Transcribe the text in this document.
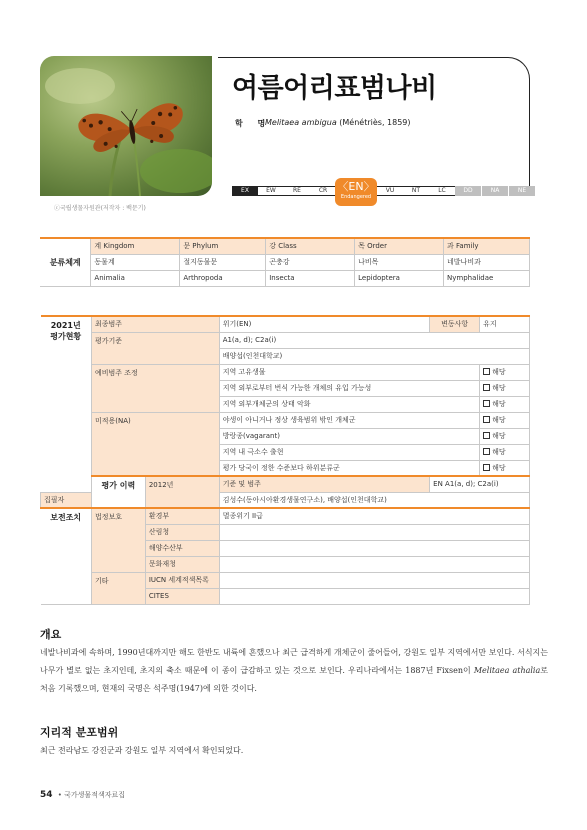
ⓒ국립생물자원관(저작자 : 백문기)
여름어리표범나비
학 명
Melitaea ambigua (Ménétriès, 1859)
EX	EW	RE	CR 〈EN〉
Endangered
VU	NT	LC	DD	NA	NE
분류체계	계 Kingdom	문 Phylum	강 Class	목 Order	과 Family
	동물계	절지동물문	곤충강	나비목	네발나비과
	Animalia	Arthropoda	Insecta	Lepidoptera	Nymphalidae
2021년
평가현황	최종범주		위기(EN)	변동사항	유지
	평가기준		A1(a, d); C2a(i)		
			배양섭(인천대학교)		
	예비범주 조정		지역 고유생물		해당
			지역 외부로부터 번식 가능한 개체의 유입 가능성		해당
			지역 외부개체군의 상태 악화		해당
	미적용(NA)		야생이 아니거나 정상 생육범위 밖인 개체군		해당
			방랑종(vagarant)		해당
			지역 내 극소수 출현		해당
			평가 당국이 정한 수준보다 하위분류군		해당
	평가 이력	2012년	기준 및 범주	EN A1(a, d); C2a(i)	
집필자			김성수(동아시아환경생물연구소), 배양섭(인천대학교)		
보전조치	법정보호	환경부	멸종위기 II급		
		산림청			
		해양수산부			
		문화재청			
	기타	IUCN 세계적색목록			
		CITES			
개요
네발나비과에 속하며, 1990년대까지만 해도 한반도 내륙에 흔했으나 최근 급격하게 개체군이 줄어들어, 강원도 일부 지역에서만 보인다. 서식지는 나무가 별로 없는 초지인데, 초지의 축소 때문에 이 종이 급감하고 있는 것으로 보인다. 우리나라에서는 1887년 Fixsen이 Melitaea athalia로 처음 기록했으며, 현재의 국명은 석주명(1947)에 의한 것이다.
지리적 분포범위
최근 전라남도 강진군과 강원도 일부 지역에서 확인되었다.
54 • 국가생물적색자료집
